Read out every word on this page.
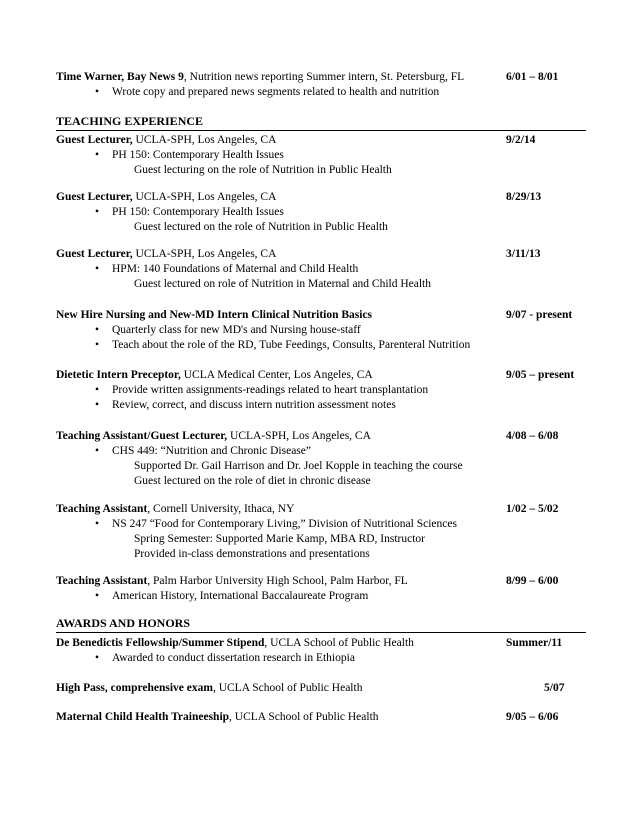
Time Warner, Bay News 9, Nutrition news reporting Summer intern, St. Petersburg, FL	6/01 – 8/01
• Wrote copy and prepared news segments related to health and nutrition
TEACHING EXPERIENCE
Guest Lecturer, UCLA-SPH, Los Angeles, CA	9/2/14
• PH 150: Contemporary Health Issues
Guest lecturing on the role of Nutrition in Public Health
Guest Lecturer, UCLA-SPH, Los Angeles, CA	8/29/13
• PH 150: Contemporary Health Issues
Guest lectured on the role of Nutrition in Public Health
Guest Lecturer, UCLA-SPH, Los Angeles, CA	3/11/13
• HPM: 140 Foundations of Maternal and Child Health
Guest lectured on role of Nutrition in Maternal and Child Health
New Hire Nursing and New-MD Intern Clinical Nutrition Basics	9/07 - present
• Quarterly class for new MD's and Nursing house-staff
• Teach about the role of the RD, Tube Feedings, Consults, Parenteral Nutrition
Dietetic Intern Preceptor, UCLA Medical Center, Los Angeles, CA	9/05 – present
• Provide written assignments-readings related to heart transplantation
• Review, correct, and discuss intern nutrition assessment notes
Teaching Assistant/Guest Lecturer, UCLA-SPH, Los Angeles, CA	4/08 – 6/08
• CHS 449: “Nutrition and Chronic Disease”
Supported Dr. Gail Harrison and Dr. Joel Kopple in teaching the course
Guest lectured on the role of diet in chronic disease
Teaching Assistant, Cornell University, Ithaca, NY	1/02 – 5/02
• NS 247 “Food for Contemporary Living,” Division of Nutritional Sciences
Spring Semester: Supported Marie Kamp, MBA RD, Instructor
Provided in-class demonstrations and presentations
Teaching Assistant, Palm Harbor University High School, Palm Harbor, FL	8/99 – 6/00
• American History, International Baccalaureate Program
AWARDS AND HONORS
De Benedictis Fellowship/Summer Stipend, UCLA School of Public Health	Summer/11
• Awarded to conduct dissertation research in Ethiopia
High Pass, comprehensive exam, UCLA School of Public Health	5/07
Maternal Child Health Traineeship, UCLA School of Public Health	9/05 – 6/06
